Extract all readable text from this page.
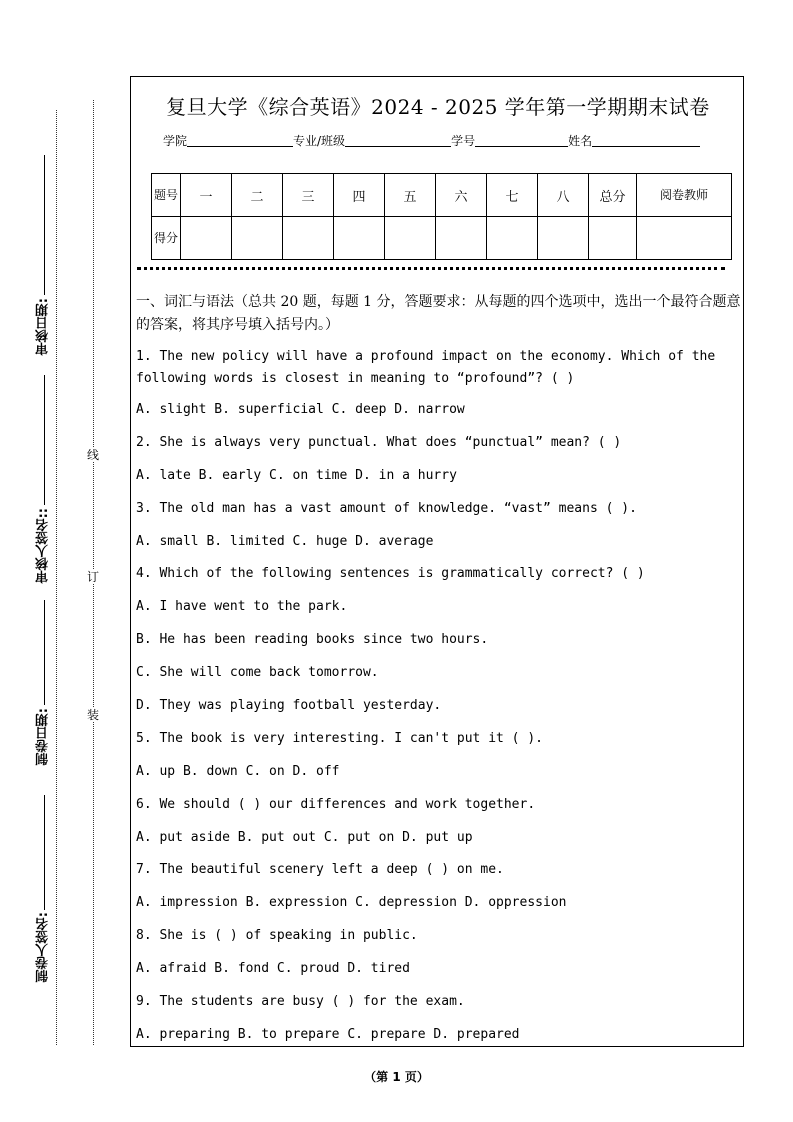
审核日期:
审核人签名::
制卷日期:
制卷人签名:
线
订
装
复旦大学《综合英语》2024 - 2025 学年第一学期期末试卷
学院	专业/班级	学号	姓名
题号	一	二	三	四	五	六	七	八	总分	阅卷教师
得分										
一、词汇与语法（总共 20 题，每题 1 分，答题要求：从每题的四个选项中，选出一个最符合题意的答案，将其序号填入括号内。）
1. The new policy will have a profound impact on the economy. Which of the following words is closest in meaning to “profound”? ( )
A. slight B. superficial C. deep D. narrow
2. She is always very punctual. What does “punctual” mean? ( )
A. late B. early C. on time D. in a hurry
3. The old man has a vast amount of knowledge. “vast” means ( ).
A. small B. limited C. huge D. average
4. Which of the following sentences is grammatically correct? ( )
A. I have went to the park.
B. He has been reading books since two hours.
C. She will come back tomorrow.
D. They was playing football yesterday.
5. The book is very interesting. I can't put it ( ).
A. up B. down C. on D. off
6. We should ( ) our differences and work together.
A. put aside B. put out C. put on D. put up
7. The beautiful scenery left a deep ( ) on me.
A. impression B. expression C. depression D. oppression
8. She is ( ) of speaking in public.
A. afraid B. fond C. proud D. tired
9. The students are busy ( ) for the exam.
A. preparing B. to prepare C. prepare D. prepared
（第 1 页）
